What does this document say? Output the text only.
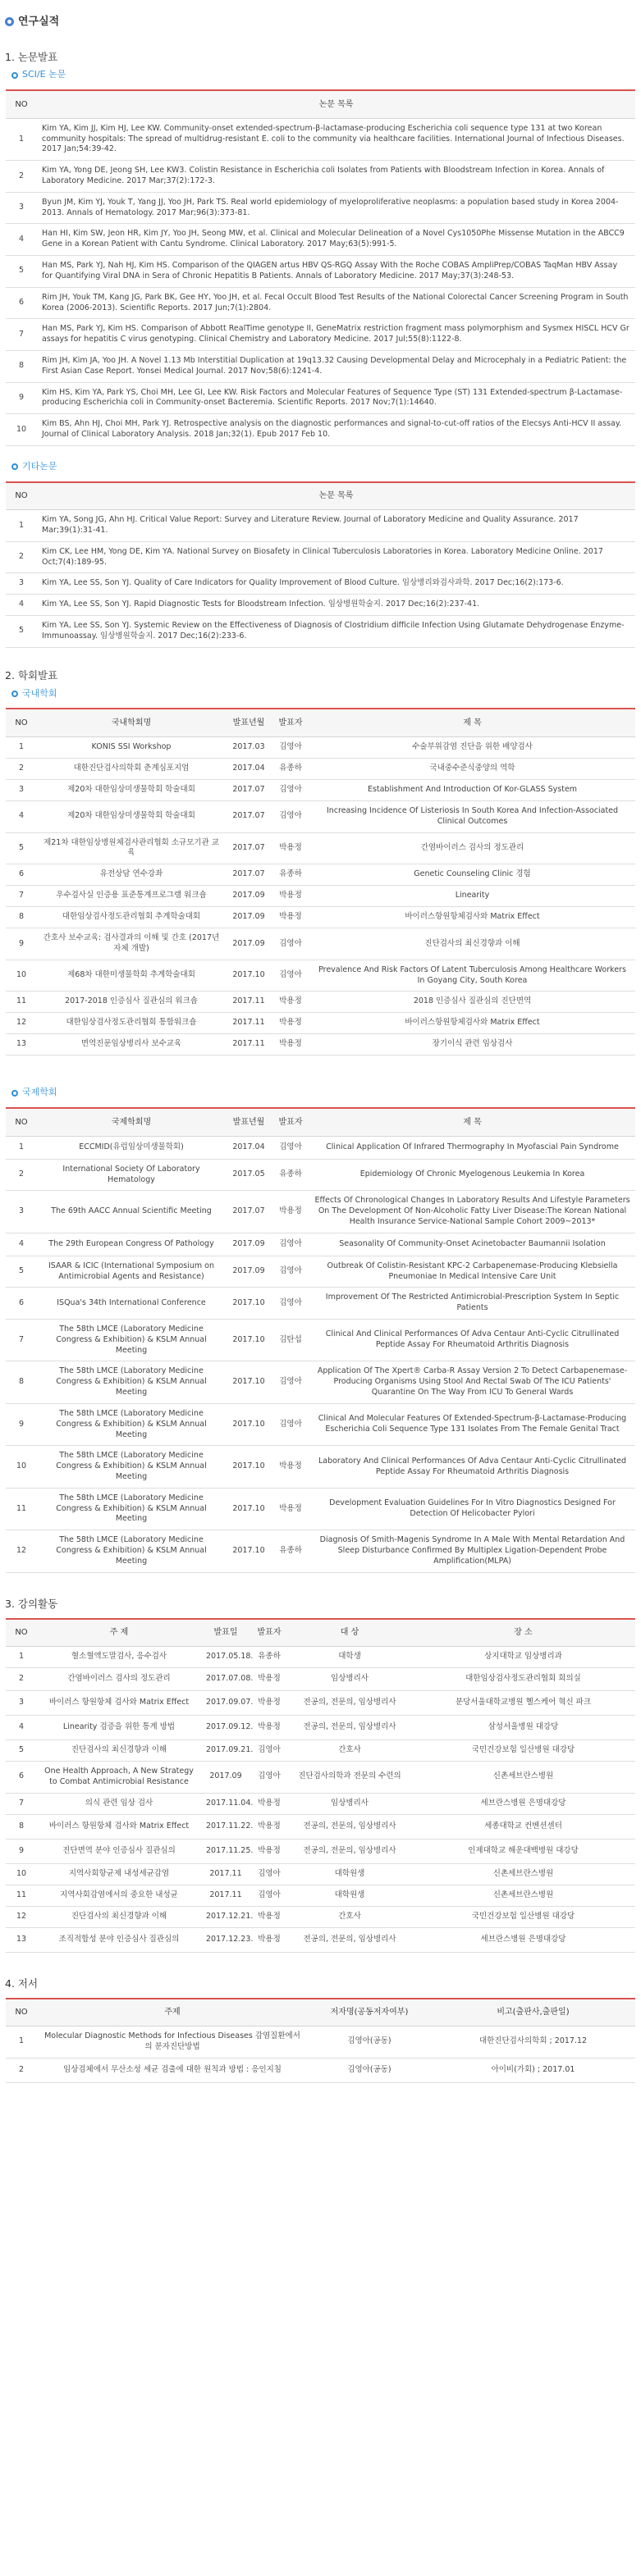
연구실적
1. 논문발표
SCI/E 논문
NO	논문 목록
1	Kim YA, Kim JJ, Kim HJ, Lee KW. Community-onset extended-spectrum-β-lactamase-producing Escherichia coli sequence type 131 at two Korean community hospitals: The spread of multidrug-resistant E. coli to the community via healthcare facilities. International Journal of Infectious Diseases. 2017 Jan;54:39-42.
2	Kim YA, Yong DE, Jeong SH, Lee KW3. Colistin Resistance in Escherichia coli Isolates from Patients with Bloodstream Infection in Korea. Annals of Laboratory Medicine. 2017 Mar;37(2):172-3.
3	Byun JM, Kim YJ, Youk T, Yang JJ, Yoo JH, Park TS. Real world epidemiology of myeloproliferative neoplasms: a population based study in Korea 2004-2013. Annals of Hematology. 2017 Mar;96(3):373-81.
4	Han HI, Kim SW, Jeon HR, Kim JY, Yoo JH, Seong MW, et al. Clinical and Molecular Delineation of a Novel Cys1050Phe Missense Mutation in the ABCC9 Gene in a Korean Patient with Cantu Syndrome. Clinical Laboratory. 2017 May;63(5):991-5.
5	Han MS, Park YJ, Nah HJ, Kim HS. Comparison of the QIAGEN artus HBV QS-RGQ Assay With the Roche COBAS AmpliPrep/COBAS TaqMan HBV Assay for Quantifying Viral DNA in Sera of Chronic Hepatitis B Patients. Annals of Laboratory Medicine. 2017 May;37(3):248-53.
6	Rim JH, Youk TM, Kang JG, Park BK, Gee HY, Yoo JH, et al. Fecal Occult Blood Test Results of the National Colorectal Cancer Screening Program in South Korea (2006-2013). Scientific Reports. 2017 Jun;7(1):2804.
7	Han MS, Park YJ, Kim HS. Comparison of Abbott RealTime genotype II, GeneMatrix restriction fragment mass polymorphism and Sysmex HISCL HCV Gr assays for hepatitis C virus genotyping. Clinical Chemistry and Laboratory Medicine. 2017 Jul;55(8):1122-8.
8	Rim JH, Kim JA, Yoo JH. A Novel 1.13 Mb Interstitial Duplication at 19q13.32 Causing Developmental Delay and Microcephaly in a Pediatric Patient: the First Asian Case Report. Yonsei Medical Journal. 2017 Nov;58(6):1241-4.
9	Kim HS, Kim YA, Park YS, Choi MH, Lee GI, Lee KW. Risk Factors and Molecular Features of Sequence Type (ST) 131 Extended-spectrum β-Lactamase-producing Escherichia coli in Community-onset Bacteremia. Scientific Reports. 2017 Nov;7(1):14640.
10	Kim BS, Ahn HJ, Choi MH, Park YJ. Retrospective analysis on the diagnostic performances and signal-to-cut-off ratios of the Elecsys Anti-HCV II assay. Journal of Clinical Laboratory Analysis. 2018 Jan;32(1). Epub 2017 Feb 10.
기타논문
NO	논문 목록
1	Kim YA, Song JG, Ahn HJ. Critical Value Report: Survey and Literature Review. Journal of Laboratory Medicine and Quality Assurance. 2017 Mar;39(1):31-41.
2	Kim CK, Lee HM, Yong DE, Kim YA. National Survey on Biosafety in Clinical Tuberculosis Laboratories in Korea. Laboratory Medicine Online. 2017 Oct;7(4):189-95.
3	Kim YA, Lee SS, Son YJ. Quality of Care Indicators for Quality Improvement of Blood Culture. 임상병리와검사과학. 2017 Dec;16(2):173-6.
4	Kim YA, Lee SS, Son YJ. Rapid Diagnostic Tests for Bloodstream Infection. 임상병원학술지. 2017 Dec;16(2):237-41.
5	Kim YA, Lee SS, Son YJ. Systemic Review on the Effectiveness of Diagnosis of Clostridium difficile Infection Using Glutamate Dehydrogenase Enzyme-Immunoassay. 임상병원학술지. 2017 Dec;16(2):233-6.
2. 학회발표
국내학회
NO	국내학회명	발표년월	발표자	제 목
1	KONIS SSI Workshop	2017.03	김영아	수술부위감염 진단을 위한 배양검사
2	대한진단검사의학회 춘계심포지엄	2017.04	유종하	국내중수준식중양의 역학
3	제20차 대한임상미생물학회 학술대회	2017.07	김영아	Establishment And Introduction Of Kor-GLASS System
4	제20차 대한임상미생물학회 학술대회	2017.07	김영아	Increasing Incidence Of Listeriosis In South Korea And Infection-Associated Clinical Outcomes
5	제21차 대한임상병원체검사관리협회 소규모기관 교육	2017.07	박용정	간염바이러스 검사의 정도관리
6	유전상담 연수강좌	2017.07	유종하	Genetic Counseling Clinic 경험
7	우수검사실 인증용 표준통계프로그램 워크숍	2017.09	박용정	Linearity
8	대한임상검사정도관리협회 추계학술대회	2017.09	박용정	바이러스항원항체검사와 Matrix Effect
9	간호사 보수교육: 검사결과의 이해 및 간호 (2017년 자체 개발)	2017.09	김영아	진단검사의 최신경향과 이해
10	제68차 대한미생물학회 추계학술대회	2017.10	김영아	Prevalence And Risk Factors Of Latent Tuberculosis Among Healthcare Workers In Goyang City, South Korea
11	2017-2018 인증심사 질관심의 워크숍	2017.11	박용정	2018 인증심사 질관심의 진단면역
12	대한임상검사정도관리협회 통합워크숍	2017.11	박용정	바이러스항원항체검사와 Matrix Effect
13	면역진문임상병리사 보수교육	2017.11	박용정	장기이식 관련 임상검사
국제학회
NO	국제학회명	발표년월	발표자	제 목
1	ECCMID(유럽임상미생물학회)	2017.04	김영아	Clinical Application Of Infrared Thermography In Myofascial Pain Syndrome
2	International Society Of Laboratory Hematology	2017.05	유종하	Epidemiology Of Chronic Myelogenous Leukemia In Korea
3	The 69th AACC Annual Scientific Meeting	2017.07	박용정	Effects Of Chronological Changes In Laboratory Results And Lifestyle Parameters On The Development Of Non-Alcoholic Fatty Liver Disease:The Korean National Health Insurance Service-National Sample Cohort 2009~2013*
4	The 29th European Congress Of Pathology	2017.09	김영아	Seasonality Of Community-Onset Acinetobacter Baumannii Isolation
5	ISAAR & ICIC (International Symposium on Antimicrobial Agents and Resistance)	2017.09	김영아	Outbreak Of Colistin-Resistant KPC-2 Carbapenemase-Producing Klebsiella Pneumoniae In Medical Intensive Care Unit
6	ISQua's 34th International Conference	2017.10	김영아	Improvement Of The Restricted Antimicrobial-Prescription System In Septic Patients
7	The 58th LMCE (Laboratory Medicine Congress & Exhibition) & KSLM Annual Meeting	2017.10	김탄섭	Clinical And Clinical Performances Of Adva Centaur Anti-Cyclic Citrullinated Peptide Assay For Rheumatoid Arthritis Diagnosis
8	The 58th LMCE (Laboratory Medicine Congress & Exhibition) & KSLM Annual Meeting	2017.10	김영아	Application Of The Xpert® Carba-R Assay Version 2 To Detect Carbapenemase-Producing Organisms Using Stool And Rectal Swab Of The ICU Patients' Quarantine On The Way From ICU To General Wards
9	The 58th LMCE (Laboratory Medicine Congress & Exhibition) & KSLM Annual Meeting	2017.10	김영아	Clinical And Molecular Features Of Extended-Spectrum-β-Lactamase-Producing Escherichia Coli Sequence Type 131 Isolates From The Female Genital Tract
10	The 58th LMCE (Laboratory Medicine Congress & Exhibition) & KSLM Annual Meeting	2017.10	박용정	Laboratory And Clinical Performances Of Adva Centaur Anti-Cyclic Citrullinated Peptide Assay For Rheumatoid Arthritis Diagnosis
11	The 58th LMCE (Laboratory Medicine Congress & Exhibition) & KSLM Annual Meeting	2017.10	박용정	Development Evaluation Guidelines For In Vitro Diagnostics Designed For Detection Of Helicobacter Pylori
12	The 58th LMCE (Laboratory Medicine Congress & Exhibition) & KSLM Annual Meeting	2017.10	유종하	Diagnosis Of Smith-Magenis Syndrome In A Male With Mental Retardation And Sleep Disturbance Confirmed By Multiplex Ligation-Dependent Probe Amplification(MLPA)
3. 강의활동
NO	주 제	발표일	발표자	대 상	장 소
1	혈소혈액도말검사, 응수검사	2017.05.18.	유종하	대학생	상지대학교 임상병리과
2	간염바이러스 검사의 정도관리	2017.07.08.	박용정	임상병리사	대한임상검사정도관리협회 회의실
3	바이러스 항원항체 검사와 Matrix Effect	2017.09.07.	박용정	전공의, 전문의, 임상병리사	분당서울대학교병원 헬스케어 혁신 파크
4	Linearity 검증을 위한 통계 방법	2017.09.12.	박용정	전공의, 전문의, 임상병리사	삼성서울병원 대강당
5	진단검사의 최신경향과 이해	2017.09.21.	김영아	간호사	국민건강보험 일산병원 대강당
6	One Health Approach, A New Strategy to Combat Antimicrobial Resistance	2017.09	김영아	진단검사의학과 전문의 수련의	신촌세브란스병원
7	의식 관련 임상 검사	2017.11.04.	박용정	임상병리사	세브란스병원 은명대강당
8	바이러스 항원항체 검사와 Matrix Effect	2017.11.22.	박용정	전공의, 전문의, 임상병리사	세종대학교 컨벤션센터
9	진단면역 분야 인증심사 질관심의	2017.11.25.	박용정	전공의, 전문의, 임상병리사	인제대학교 해운대백병원 대강당
10	지역사회항균제 내성세균감염	2017.11	김영아	대학원생	신촌세브란스병원
11	지역사회감염에서의 중요한 내성균	2017.11	김영아	대학원생	신촌세브란스병원
12	진단검사의 최신경향과 이해	2017.12.21.	박용정	간호사	국민건강보험 일산병원 대강당
13	조직적합성 분야 인증심사 질관심의	2017.12.23.	박용정	전공의, 전문의, 임상병리사	세브란스병원 은명대강당
4. 저서
NO	주제	저자명(공동저자여부)	비고(출판사,출판일)
1	Molecular Diagnostic Methods for Infectious Diseases 감염질환에서의 분자진단방법	김영아(공동)	대한진단검사의학회 ; 2017.12
2	임상검체에서 무산소성 세균 검출에 대한 원칙과 방법 : 응인지침	김영아(공동)	아이비(가회) ; 2017.01
